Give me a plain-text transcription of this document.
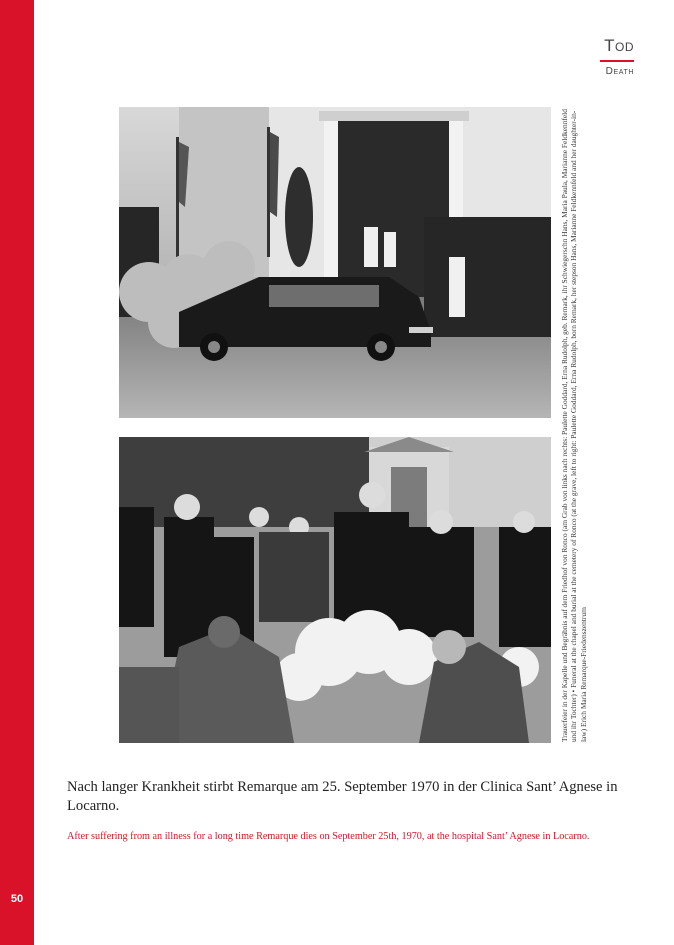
50
Tod
Death
Trauerfeier in der Kapelle und Begräbnis auf dem Friedhof von Ronco (am Grab von links nach rechts: Paulette Goddard, Erna Rudolph, geb. Remark, ihr Schwiegerschn Hans, Maria Paula, Marianne Feldkennfeld und ihr Tochter) • Funeral at the chapel and burial at the cemetery of Ronco (at the grave, left to right: Paulette Goddard, Erna Rudolph, born Remark, her stepson Hans, Marianne Feldkennfeld and her daughter-in-law) Erich Maria Remarque-Friedenszentrum
Nach langer Krankheit stirbt Remarque am 25. September 1970 in der Clinica Sant’ Agnese in Locarno.
After suffering from an illness for a long time Remarque dies on September 25th, 1970, at the hospital Sant’ Agnese in Locarno.
